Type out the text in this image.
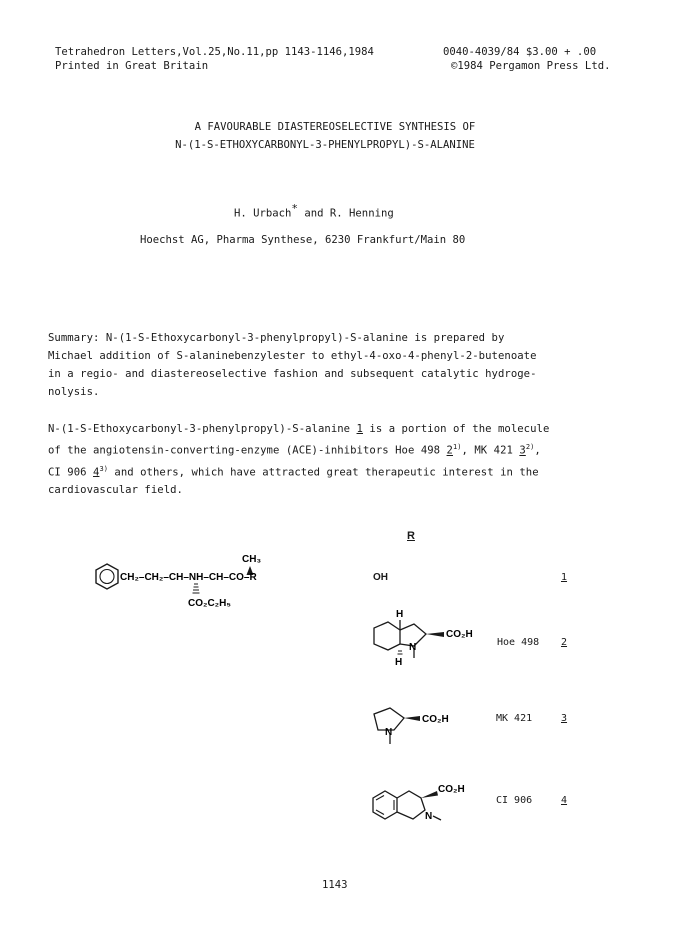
Tetrahedron Letters,Vol.25,No.11,pp 1143-1146,1984
Printed in Great Britain
0040-4039/84 $3.00 + .00
©1984 Pergamon Press Ltd.
A FAVOURABLE DIASTEREOSELECTIVE SYNTHESIS OF
N-(1-S-ETHOXYCARBONYL-3-PHENYLPROPYL)-S-ALANINE
H. Urbach* and R. Henning
Hoechst AG, Pharma Synthese, 6230 Frankfurt/Main 80
Summary: N-(1-S-Ethoxycarbonyl-3-phenylpropyl)-S-alanine is prepared by
Michael addition of S-alaninebenzylester to ethyl-4-oxo-4-phenyl-2-butenoate
in a regio- and diastereoselective fashion and subsequent catalytic hydroge-
nolysis.
N-(1-S-Ethoxycarbonyl-3-phenylpropyl)-S-alanine 1 is a portion of the molecule
of the angiotensin-converting-enzyme (ACE)-inhibitors Hoe 498 2$^{1)}$, MK 421 3$^{2)}$,
CI 906 4$^{3)}$ and others, which have attracted great therapeutic interest in the
cardiovascular field.
R
CH₂–CH₂–CH–NH–CH–CO–R
CH₃
CO₂C₂H₅
OH	1
H
H
N
CO₂H
Hoe 498 2
N
CO₂H	MK 421	3
N
CO₂H
CI 906	4
1143
